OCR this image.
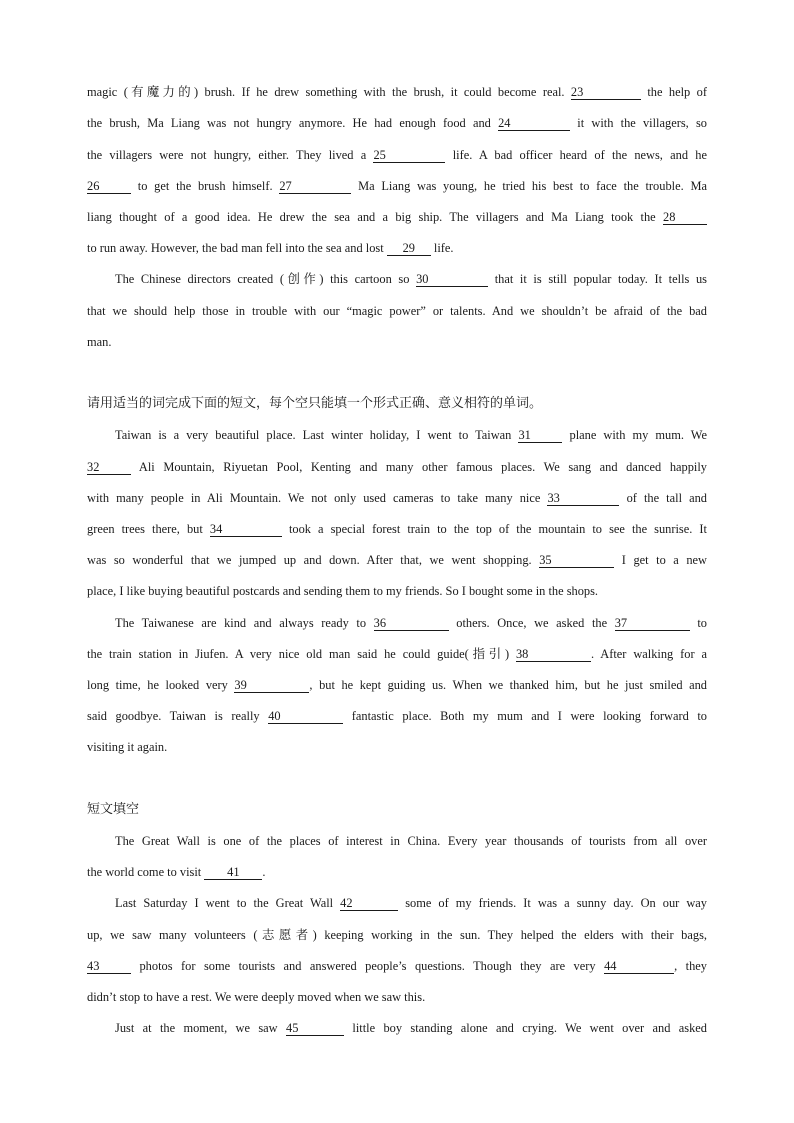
magic (有魔力的) brush. If he drew something with the brush, it could become real. 23	the help of
the brush, Ma Liang was not hungry anymore. He had enough food and 24	it with the villagers, so
the villagers were not hungry, either. They lived a 25	life. A bad officer heard of the news, and he
26	to get the brush himself. 27	Ma Liang was young, he tried his best to face the trouble. Ma
liang thought of a good idea. He drew the sea and a big ship. The villagers and Ma Liang took the 28
to run away. However, the bad man fell into the sea and lost 29 life.
The Chinese directors created (创作) this cartoon so 30	that it is still popular today. It tells us
that we should help those in trouble with our “magic power” or talents. And we shouldn’t be afraid of the bad
man.
请用适当的词完成下面的短文，每个空只能填一个形式正确、意义相符的单词。
Taiwan is a very beautiful place. Last winter holiday, I went to Taiwan 31	plane with my mum. We
32	Ali Mountain, Riyuetan Pool, Kenting and many other famous places. We sang and danced happily
with many people in Ali Mountain. We not only used cameras to take many nice 33	of the tall and
green trees there, but 34	took a special forest train to the top of the mountain to see the sunrise. It
was so wonderful that we jumped up and down. After that, we went shopping. 35	I get to a new
place, I like buying beautiful postcards and sending them to my friends. So I bought some in the shops.
The Taiwanese are kind and always ready to 36	others. Once, we asked the 37	to
the train station in Jiufen. A very nice old man said he could guide(指引) 38	. After walking for a
long time, he looked very 39	, but he kept guiding us. When we thanked him, but he just smiled and
said goodbye. Taiwan is really 40	fantastic place. Both my mum and I were looking forward to
visiting it again.
短文填空
The Great Wall is one of the places of interest in China. Every year thousands of tourists from all over
the world come to visit 41 .
Last Saturday I went to the Great Wall 42	some of my friends. It was a sunny day. On our way
up, we saw many volunteers (志愿者) keeping working in the sun. They helped the elders with their bags,
43	photos for some tourists and answered people’s questions. Though they are very 44	, they
didn’t stop to have a rest. We were deeply moved when we saw this.
Just at the moment, we saw 45	little boy standing alone and crying. We went over and asked
